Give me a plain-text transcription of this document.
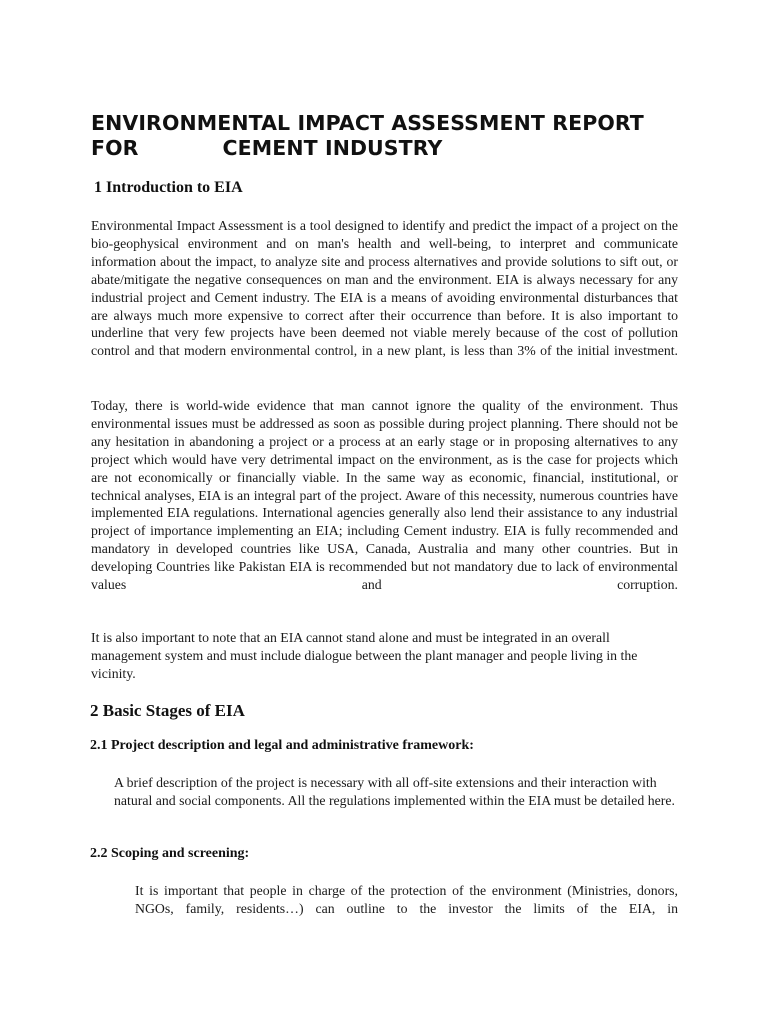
ENVIRONMENTAL IMPACT ASSESSMENT REPORT
FOR	CEMENT INDUSTRY
1 Introduction to EIA

Environmental Impact Assessment is a tool designed to identify and predict the impact of a project on the bio-geophysical environment and on man's health and well-being, to interpret and communicate information about the impact, to analyze site and process alternatives and provide solutions to sift out, or abate/mitigate the negative consequences on man and the environment. EIA is always necessary for any industrial project and Cement industry. The EIA is a means of avoiding environmental disturbances that are always much more expensive to correct after their occurrence than before. It is also important to underline that very few projects have been deemed not viable merely because of the cost of pollution control and that modern environmental control, in a new plant, is less than 3% of the initial investment.

Today, there is world-wide evidence that man cannot ignore the quality of the environment. Thus environmental issues must be addressed as soon as possible during project planning. There should not be any hesitation in abandoning a project or a process at an early stage or in proposing alternatives to any project which would have very detrimental impact on the environment, as is the case for projects which are not economically or financially viable. In the same way as economic, financial, institutional, or technical analyses, EIA is an integral part of the project. Aware of this necessity, numerous countries have implemented EIA regulations. International agencies generally also lend their assistance to any industrial project of importance implementing an EIA; including Cement industry. EIA is fully recommended and mandatory in developed countries like USA, Canada, Australia and many other countries. But in developing Countries like Pakistan EIA is recommended but not mandatory due to lack of environmental values and corruption.

It is also important to note that an EIA cannot stand alone and must be integrated in an overall management system and must include dialogue between the plant manager and people living in the vicinity.

2 Basic Stages of EIA
2.1 Project description and legal and administrative framework:

A brief description of the project is necessary with all off-site extensions and their interaction with natural and social components. All the regulations implemented within the EIA must be detailed here.

2.2 Scoping and screening:

It is important that people in charge of the protection of the environment (Ministries, donors, NGOs, family, residents…) can outline to the investor the limits of the EIA, in
